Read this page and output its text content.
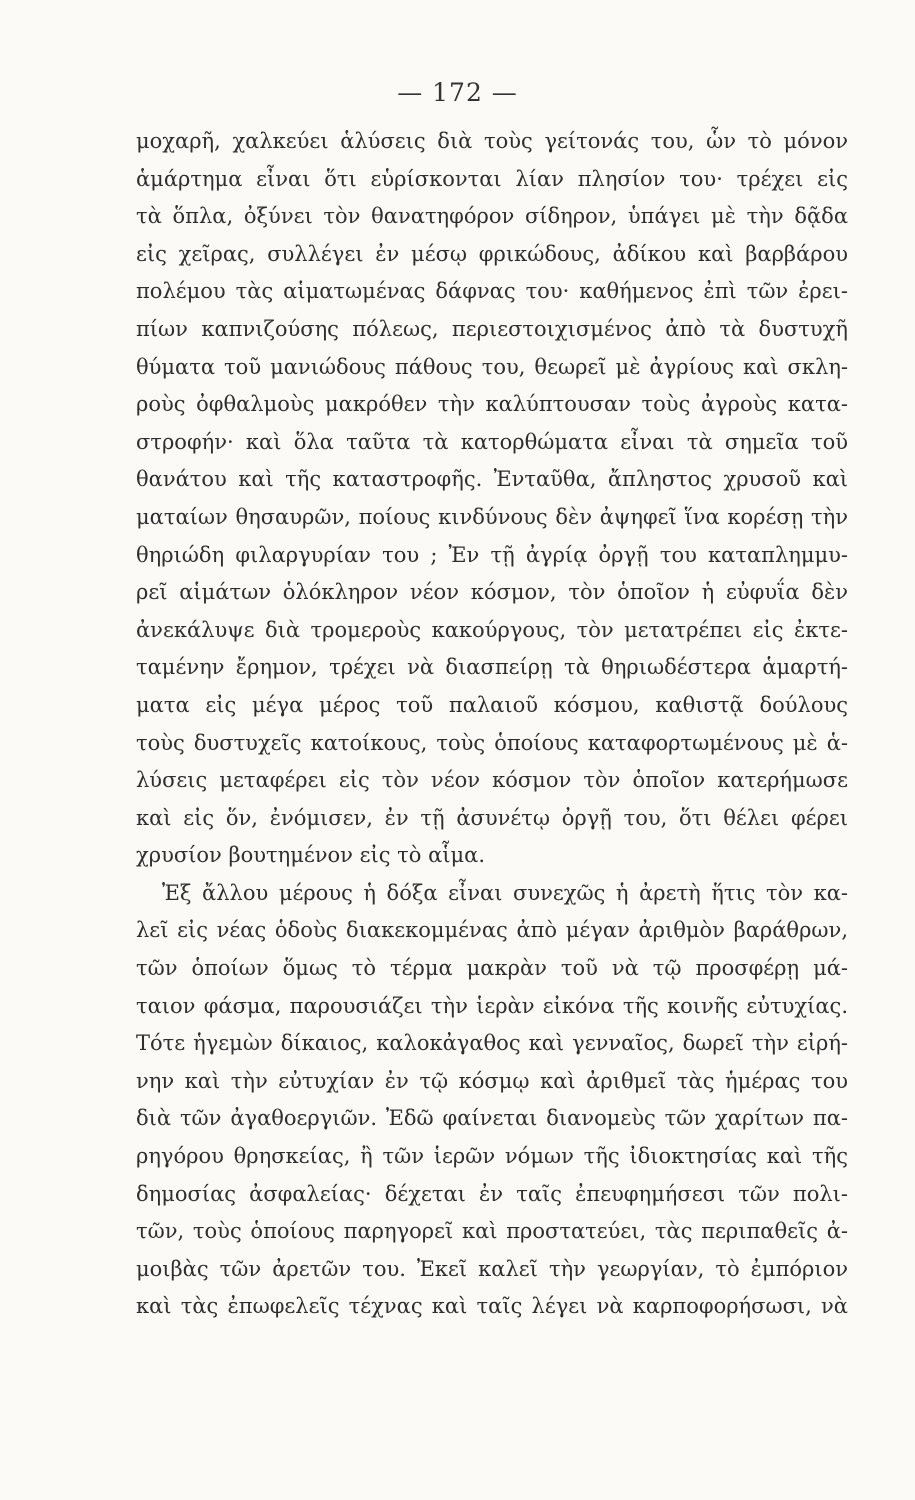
— 172 —
μοχαρῆ, χαλκεύει ἁλύσεις διὰ τοὺς γείτονάς του, ὧν τὸ μόνον
ἁμάρτημα εἶναι ὅτι εὑρίσκονται λίαν πλησίον του· τρέχει εἰς
τὰ ὅπλα, ὀξύνει τὸν θανατηφόρον σίδηρον, ὑπάγει μὲ τὴν δᾷδα
εἰς χεῖρας, συλλέγει ἐν μέσῳ φρικώδους, ἀδίκου καὶ βαρβάρου
πολέμου τὰς αἱματωμένας δάφνας του· καθήμενος ἐπὶ τῶν ἐρει-
πίων καπνιζούσης πόλεως, περιεστοιχισμένος ἀπὸ τὰ δυστυχῆ
θύματα τοῦ μανιώδους πάθους του, θεωρεῖ μὲ ἀγρίους καὶ σκλη-
ροὺς ὀφθαλμοὺς μακρόθεν τὴν καλύπτουσαν τοὺς ἀγροὺς κατα-
στροφήν· καὶ ὅλα ταῦτα τὰ κατορθώματα εἶναι τὰ σημεῖα τοῦ
θανάτου καὶ τῆς καταστροφῆς. Ἐνταῦθα, ἄπληστος χρυσοῦ καὶ
ματαίων θησαυρῶν, ποίους κινδύνους δὲν ἀψηφεῖ ἵνα κορέσῃ τὴν
θηριώδη φιλαργυρίαν του ; Ἐν τῇ ἀγρίᾳ ὀργῇ του καταπλημμυ-
ρεῖ αἱμάτων ὁλόκληρον νέον κόσμον, τὸν ὁποῖον ἡ εὐφυΐα δὲν
ἀνεκάλυψε διὰ τρομεροὺς κακούργους, τὸν μετατρέπει εἰς ἐκτε-
ταμένην ἔρημον, τρέχει νὰ διασπείρῃ τὰ θηριωδέστερα ἁμαρτή-
ματα εἰς μέγα μέρος τοῦ παλαιοῦ κόσμου, καθιστᾷ δούλους
τοὺς δυστυχεῖς κατοίκους, τοὺς ὁποίους καταφορτωμένους μὲ ἁ-
λύσεις μεταφέρει εἰς τὸν νέον κόσμον τὸν ὁποῖον κατερήμωσε
καὶ εἰς ὅν, ἐνόμισεν, ἐν τῇ ἀσυνέτῳ ὀργῇ του, ὅτι θέλει φέρει
χρυσίον βουτημένον εἰς τὸ αἷμα.
Ἐξ ἄλλου μέρους ἡ δόξα εἶναι συνεχῶς ἡ ἀρετὴ ἥτις τὸν κα-
λεῖ εἰς νέας ὁδοὺς διακεκομμένας ἀπὸ μέγαν ἀριθμὸν βαράθρων,
τῶν ὁποίων ὅμως τὸ τέρμα μακρὰν τοῦ νὰ τῷ προσφέρῃ μά-
ταιον φάσμα, παρουσιάζει τὴν ἱερὰν εἰκόνα τῆς κοινῆς εὐτυχίας.
Τότε ἡγεμὼν δίκαιος, καλοκἀγαθος καὶ γενναῖος, δωρεῖ τὴν εἰρή-
νην καὶ τὴν εὐτυχίαν ἐν τῷ κόσμῳ καὶ ἀριθμεῖ τὰς ἡμέρας του
διὰ τῶν ἀγαθοεργιῶν. Ἐδῶ φαίνεται διανομεὺς τῶν χαρίτων πα-
ρηγόρου θρησκείας, ἢ τῶν ἱερῶν νόμων τῆς ἰδιοκτησίας καὶ τῆς
δημοσίας ἀσφαλείας· δέχεται ἐν ταῖς ἐπευφημήσεσι τῶν πολι-
τῶν, τοὺς ὁποίους παρηγορεῖ καὶ προστατεύει, τὰς περιπαθεῖς ἀ-
μοιβὰς τῶν ἀρετῶν του. Ἐκεῖ καλεῖ τὴν γεωργίαν, τὸ ἐμπόριον
καὶ τὰς ἐπωφελεῖς τέχνας καὶ ταῖς λέγει νὰ καρποφορήσωσι, νὰ
